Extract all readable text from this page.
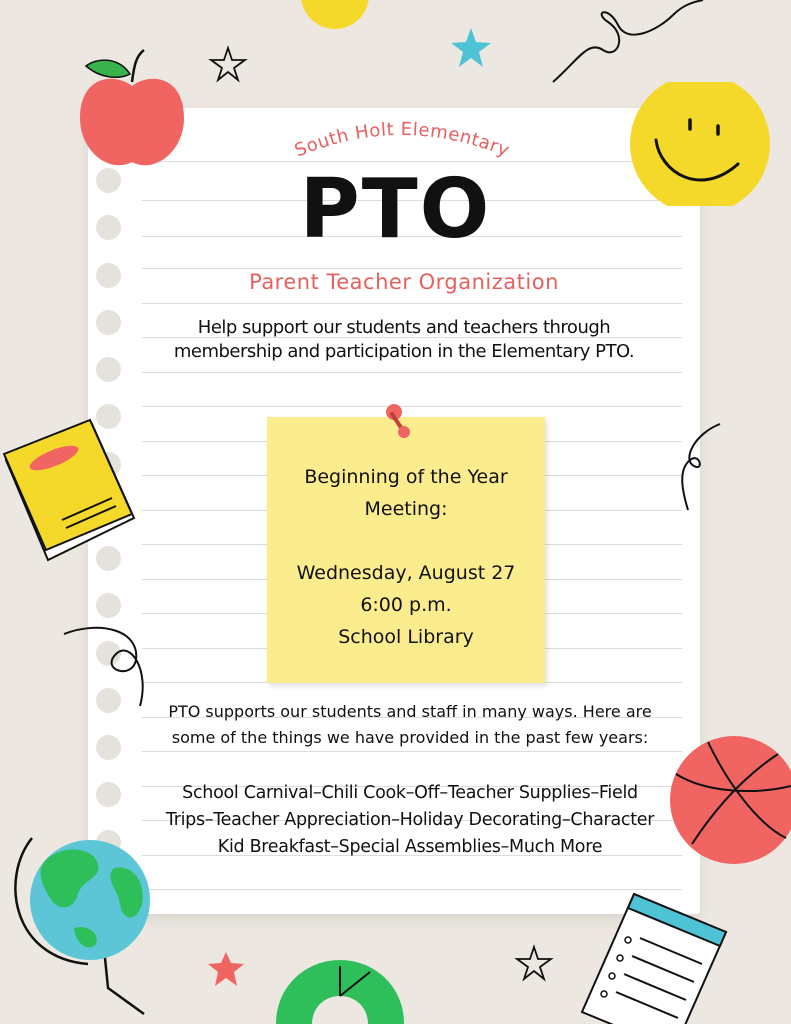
South Holt Elementary
PTO
Parent Teacher Organization
Help support our students and teachers through
membership and participation in the Elementary PTO.
Beginning of the Year
Meeting:
Wednesday, August 27
6:00 p.m.
School Library
PTO supports our students and staff in many ways. Here are
some of the things we have provided in the past few years:
School Carnival–Chili Cook–Off–Teacher Supplies–Field
Trips–Teacher Appreciation–Holiday Decorating–Character
Kid Breakfast–Special Assemblies–Much More
